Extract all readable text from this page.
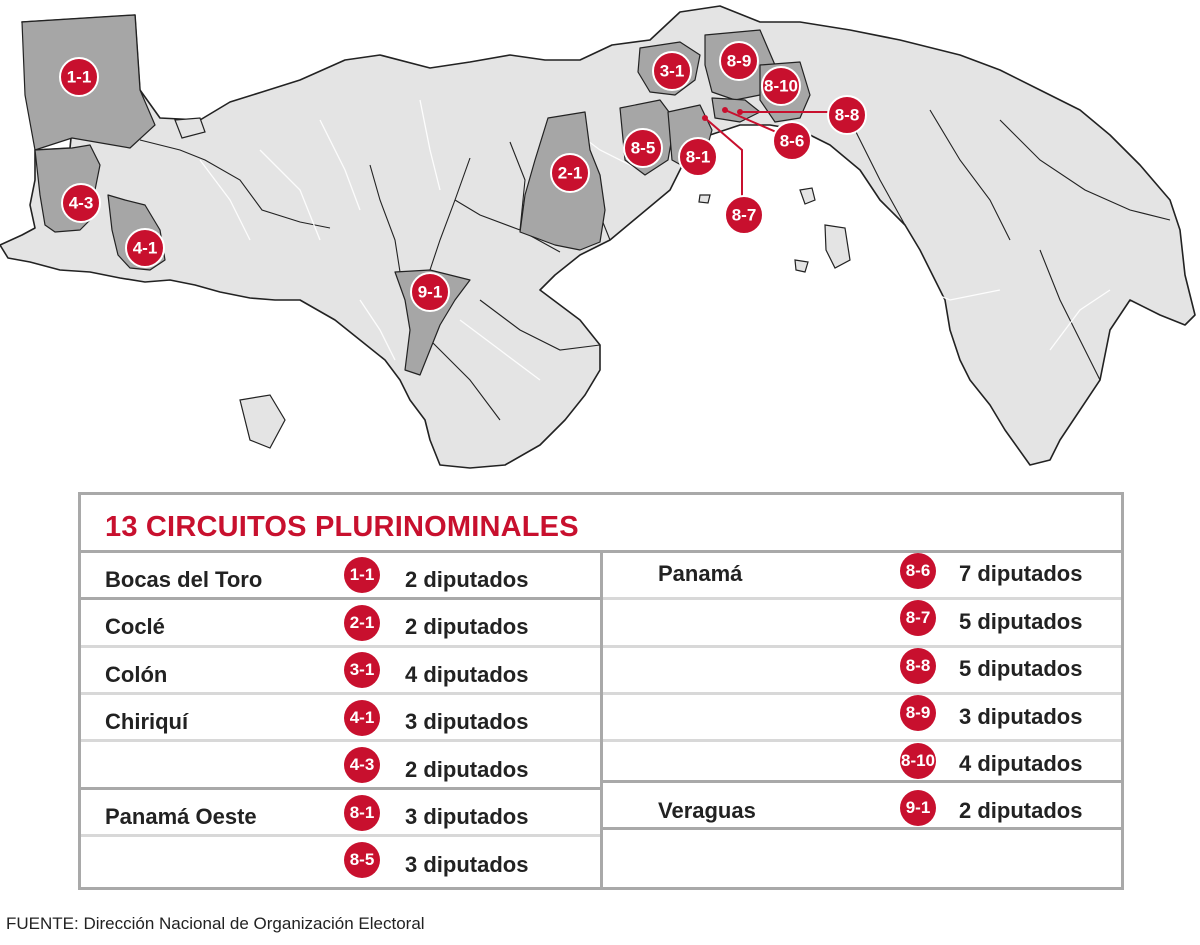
1-1
4-3
4-1
2-1
9-1
3-1
8-9
8-10
8-8
8-6
8-5 8-1
8-7
13 CIRCUITOS PLURINOMINALES
Bocas del Toro	1-1 2 diputados
Coclé	2-1 2 diputados
Colón	3-1 4 diputados
Chiriquí	4-1 3 diputados
4-3 2 diputados
Panamá Oeste	8-1 3 diputados
8-5 3 diputados
Panamá	8-6 7 diputados
8-7 5 diputados
8-8 5 diputados
8-9 3 diputados
8-10 4 diputados
Veraguas	9-1 2 diputados
FUENTE: Dirección Nacional de Organización Electoral
